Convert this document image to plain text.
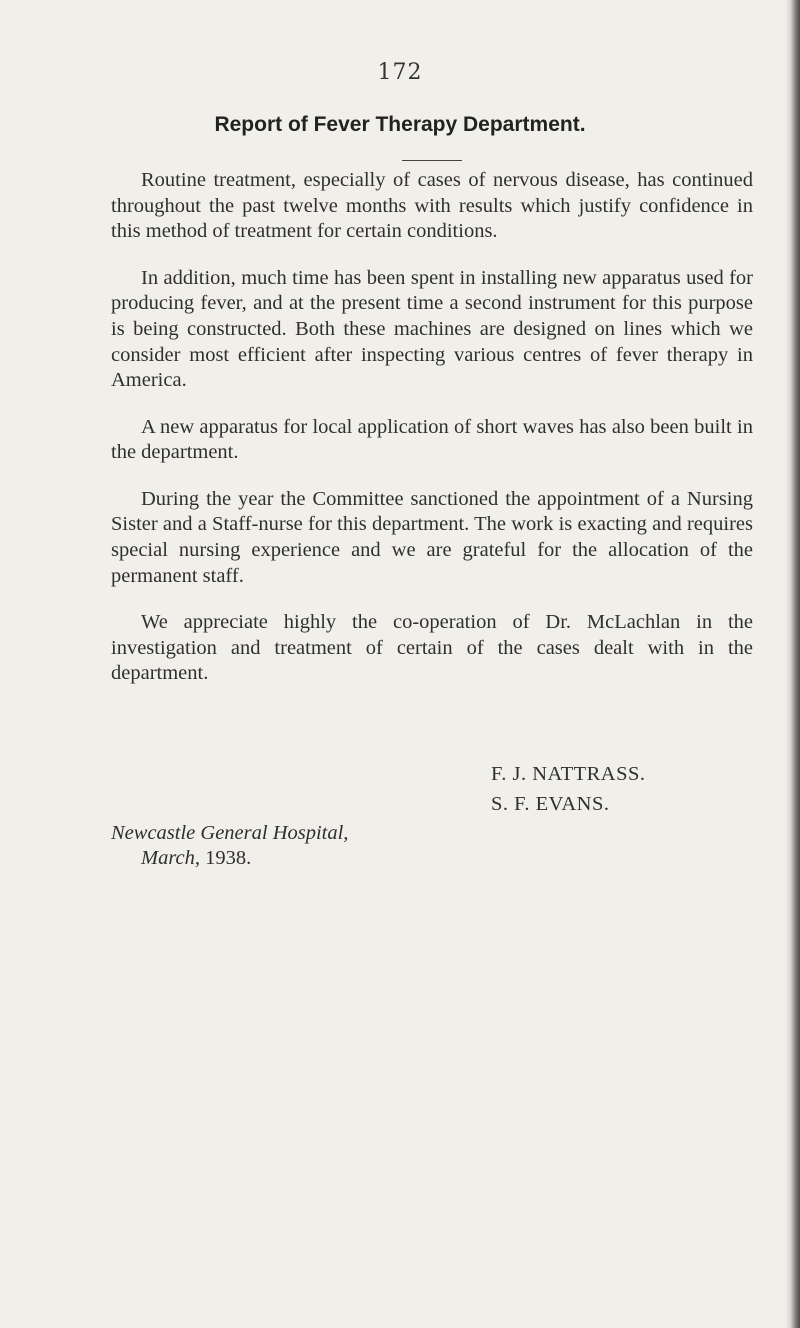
172
Report of Fever Therapy Department.

Routine treatment, especially of cases of nervous disease, has continued throughout the past twelve months with results which justify confidence in this method of treatment for certain conditions.

In addition, much time has been spent in installing new apparatus used for producing fever, and at the present time a second instrument for this purpose is being constructed. Both these machines are designed on lines which we consider most efficient after inspecting various centres of fever therapy in America.

A new apparatus for local application of short waves has also been built in the department.

During the year the Committee sanctioned the appointment of a Nursing Sister and a Staff-nurse for this department. The work is exacting and requires special nursing experience and we are grateful for the allocation of the permanent staff.

We appreciate highly the co-operation of Dr. McLachlan in the investigation and treatment of certain of the cases dealt with in the department.

F. J. NATTRASS.
S. F. EVANS.
Newcastle General Hospital,
March, 1938.
